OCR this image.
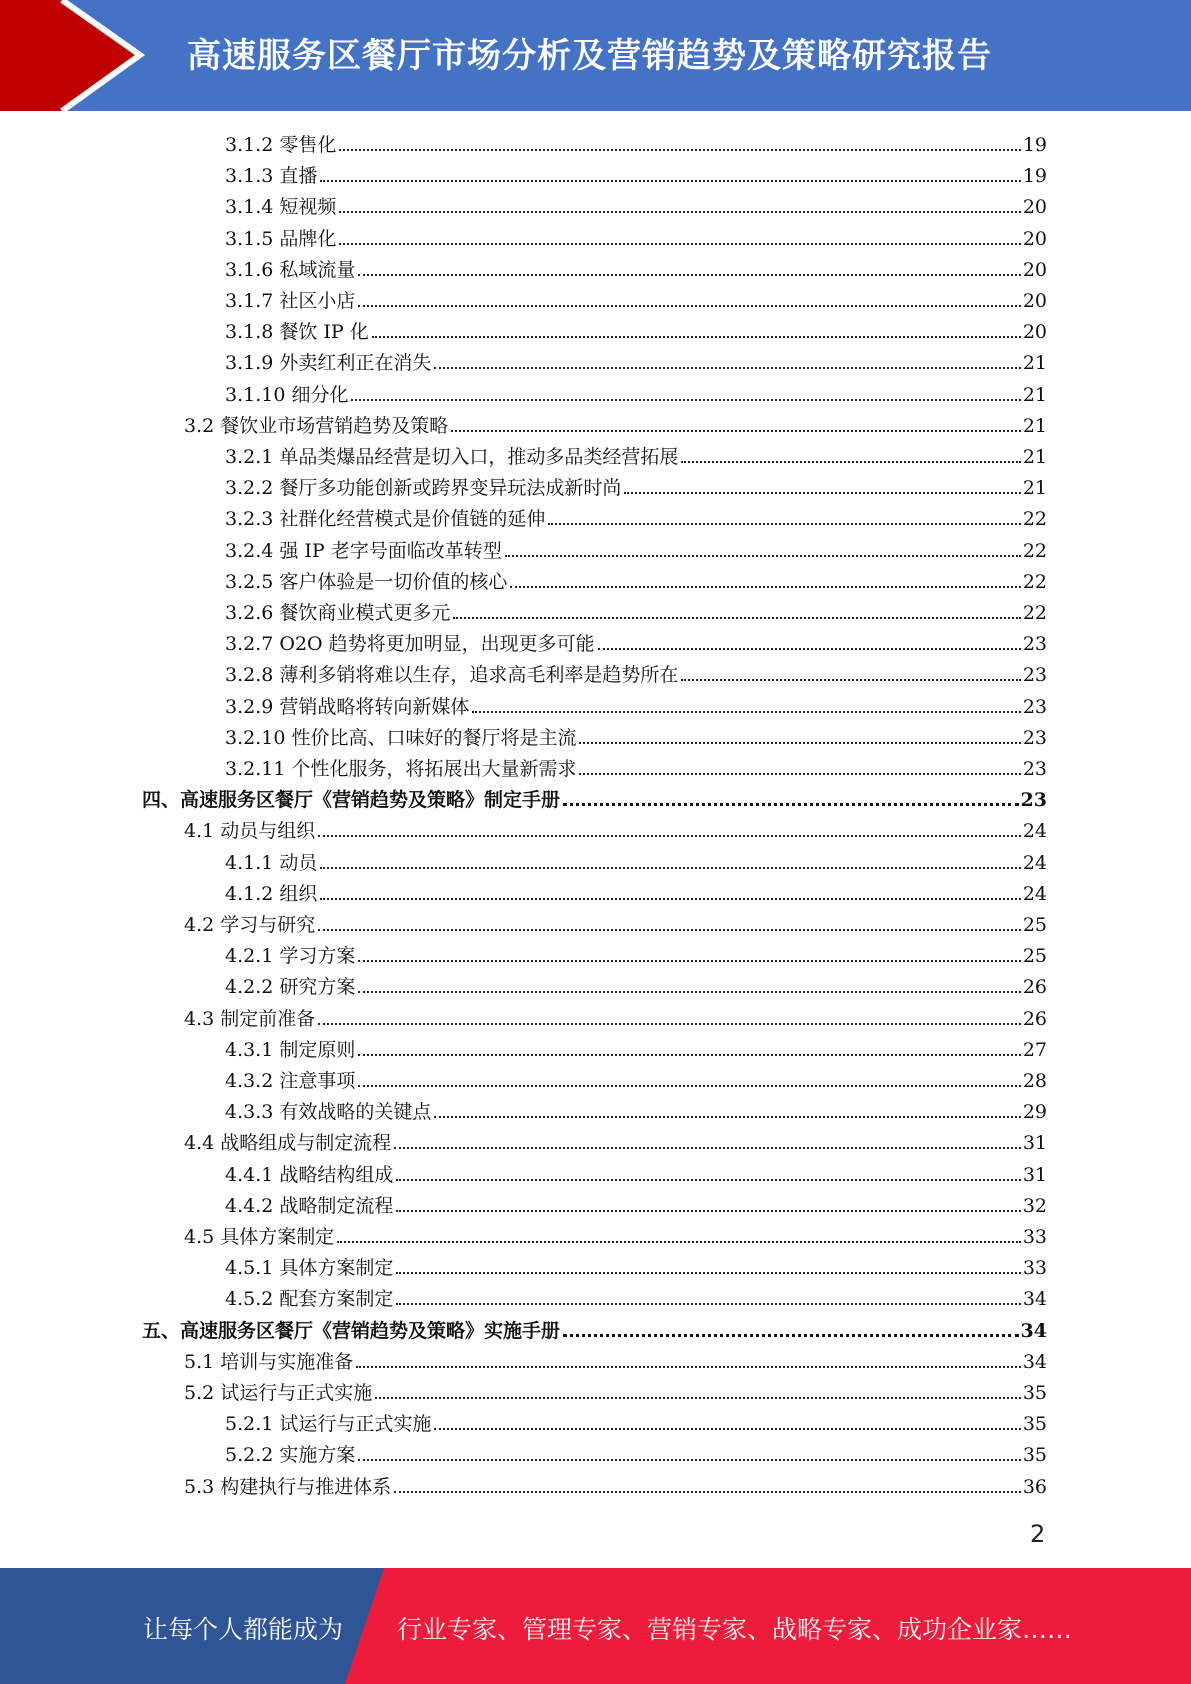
高速服务区餐厅市场分析及营销趋势及策略研究报告
3.1.2 零售化	19
3.1.3 直播	19
3.1.4 短视频	20
3.1.5 品牌化	20
3.1.6 私域流量	20
3.1.7 社区小店	20
3.1.8 餐饮 IP 化	20
3.1.9 外卖红利正在消失	21
3.1.10 细分化	21
3.2 餐饮业市场营销趋势及策略	21
3.2.1 单品类爆品经营是切入口，推动多品类经营拓展	21
3.2.2 餐厅多功能创新或跨界变异玩法成新时尚	21
3.2.3 社群化经营模式是价值链的延伸	22
3.2.4 强 IP 老字号面临改革转型	22
3.2.5 客户体验是一切价值的核心	22
3.2.6 餐饮商业模式更多元	22
3.2.7 O2O 趋势将更加明显，出现更多可能	23
3.2.8 薄利多销将难以生存，追求高毛利率是趋势所在	23
3.2.9 营销战略将转向新媒体	23
3.2.10 性价比高、口味好的餐厅将是主流	23
3.2.11 个性化服务，将拓展出大量新需求	23
四、高速服务区餐厅《营销趋势及策略》制定手册	23
4.1 动员与组织	24
4.1.1 动员	24
4.1.2 组织	24
4.2 学习与研究	25
4.2.1 学习方案	25
4.2.2 研究方案	26
4.3 制定前准备	26
4.3.1 制定原则	27
4.3.2 注意事项	28
4.3.3 有效战略的关键点	29
4.4 战略组成与制定流程	31
4.4.1 战略结构组成	31
4.4.2 战略制定流程	32
4.5 具体方案制定	33
4.5.1 具体方案制定	33
4.5.2 配套方案制定	34
五、高速服务区餐厅《营销趋势及策略》实施手册	34
5.1 培训与实施准备	34
5.2 试运行与正式实施	35
5.2.1 试运行与正式实施	35
5.2.2 实施方案	35
5.3 构建执行与推进体系	36
2
让每个人都能成为 行业专家、管理专家、营销专家、战略专家、成功企业家……
